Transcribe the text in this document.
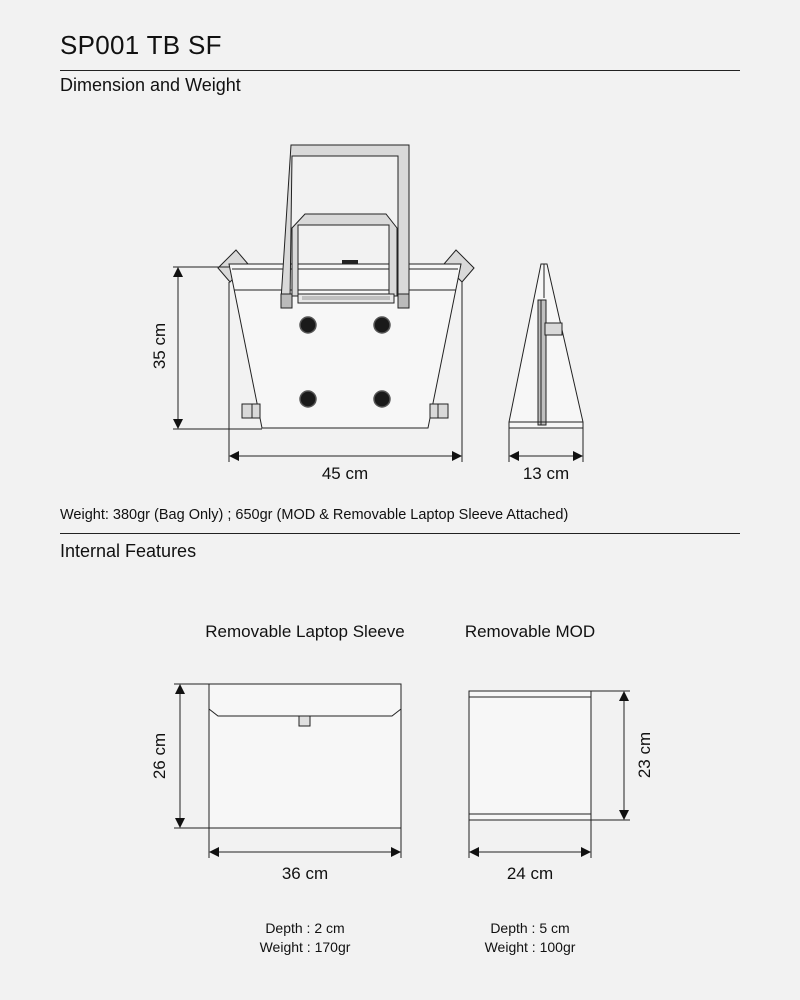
SP001 TB SF
Dimension and Weight
35 cm
45 cm	13 cm
Weight: 380gr (Bag Only) ; 650gr (MOD & Removable Laptop Sleeve Attached)
Internal Features
Removable Laptop Sleeve
26 cm
36 cm
Depth : 2 cm
Weight : 170gr
Removable MOD
23 cm
24 cm
Depth : 5 cm
Weight : 100gr
